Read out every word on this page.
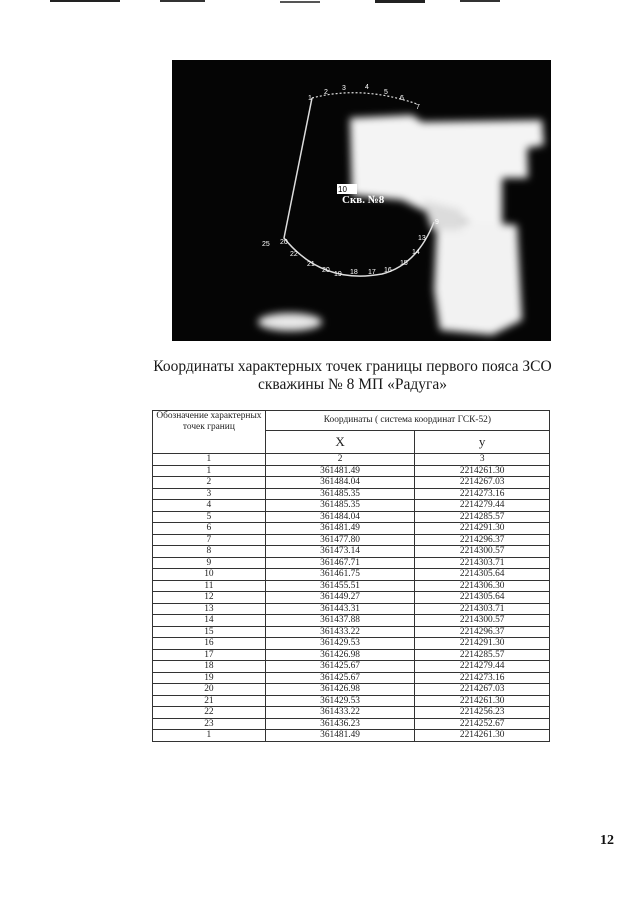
10
Скв. №8
1
2
3	4
5
6
7
20
22
21
20
19 18 17 16
15
14
13
9
25
Координаты характерных точек границы первого пояса ЗСО
скважины № 8 МП «Радуга»
Обозначение характерных точек границ	Координаты ( система координат ГСК-52)	
	X	y
1	2	3
1	361481.49	2214261.30
2	361484.04	2214267.03
3	361485.35	2214273.16
4	361485.35	2214279.44
5	361484.04	2214285.57
6	361481.49	2214291.30
7	361477.80	2214296.37
8	361473.14	2214300.57
9	361467.71	2214303.71
10	361461.75	2214305.64
11	361455.51	2214306.30
12	361449.27	2214305.64
13	361443.31	2214303.71
14	361437.88	2214300.57
15	361433.22	2214296.37
16	361429.53	2214291.30
17	361426.98	2214285.57
18	361425.67	2214279.44
19	361425.67	2214273.16
20	361426.98	2214267.03
21	361429.53	2214261.30
22	361433.22	2214256.23
23	361436.23	2214252.67
1	361481.49	2214261.30
12
